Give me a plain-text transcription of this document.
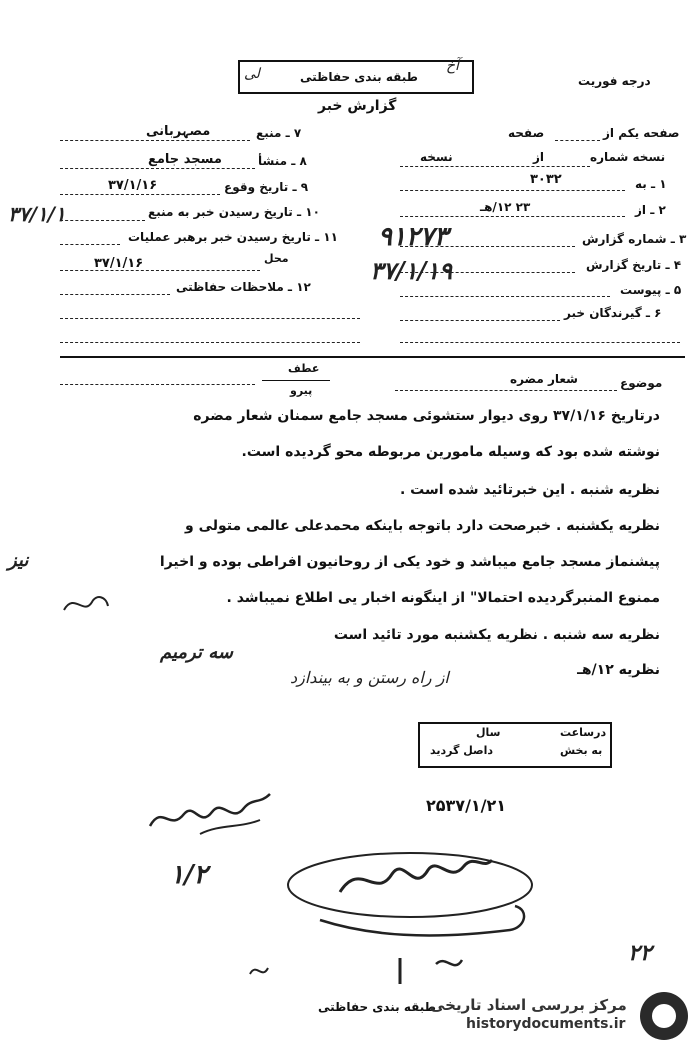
طبقه بندی حفاظتی
آخ
لی	درجه فوریت
گزارش خبر
صفحه یکم از
صفحه
نسخه شماره
از
نسخه
۱ ـ به
۳۰۳۲
۲ ـ از
۲۳ ۱۲/هـ
۳ ـ شماره گزارش
۹۱۲۷۳
۴ ـ تاریخ گزارش
۳۷/۱/۱۹
۵ ـ پیوست
۶ ـ گیرندگان خبر
۷ ـ منبع
مصہربانی
۸ ـ منشأ
مسجد جامع
۹ ـ تاریخ وقوع
۳۷/۱/۱۶
۱۰ ـ تاریخ رسیدن خبر به منبع
۳۷/۱/۱
۱۱ ـ تاریخ رسیدن خبر برهبر عملیات
محل
۳۷/۱/۱۶
۱۲ ـ ملاحظات حفاظتی
عطف
پیرو
موضوع
شعار مضره
درتاریخ ۳۷/۱/۱۶ روی دیوار ستشوئی مسجد جامع سمنان شعار مضره
نوشته شده بود که وسیله مامورین مربوطه محو گردیده است.
نظریه شنبه . این خبرتائید شده است .
نظریه یکشنبه . خبرصحت دارد باتوجه باینکه محمدعلی عالمی متولی و
پیشنماز مسجد جامع میباشد و خود یکی از روحانیون افراطی بوده و اخیرا
نیز
ممنوع المنبرگردیده احتمالا" از اینگونه اخبار یی اطلاع نمیباشد .
نظریه سه شنبه . نظریه یکشنبه مورد تائید است
سه ترمیم
نظریه ۱۲/هـ
از راه رستن و به بیندازد
درساعت
سال
به بخش
داصل گردید
۲۵۳۷/۱/۲۱
۱/۲
۲۲
طبقه بندی حفاظتی
مرکز بررسی اسناد تاریخی
historydocuments.ir
